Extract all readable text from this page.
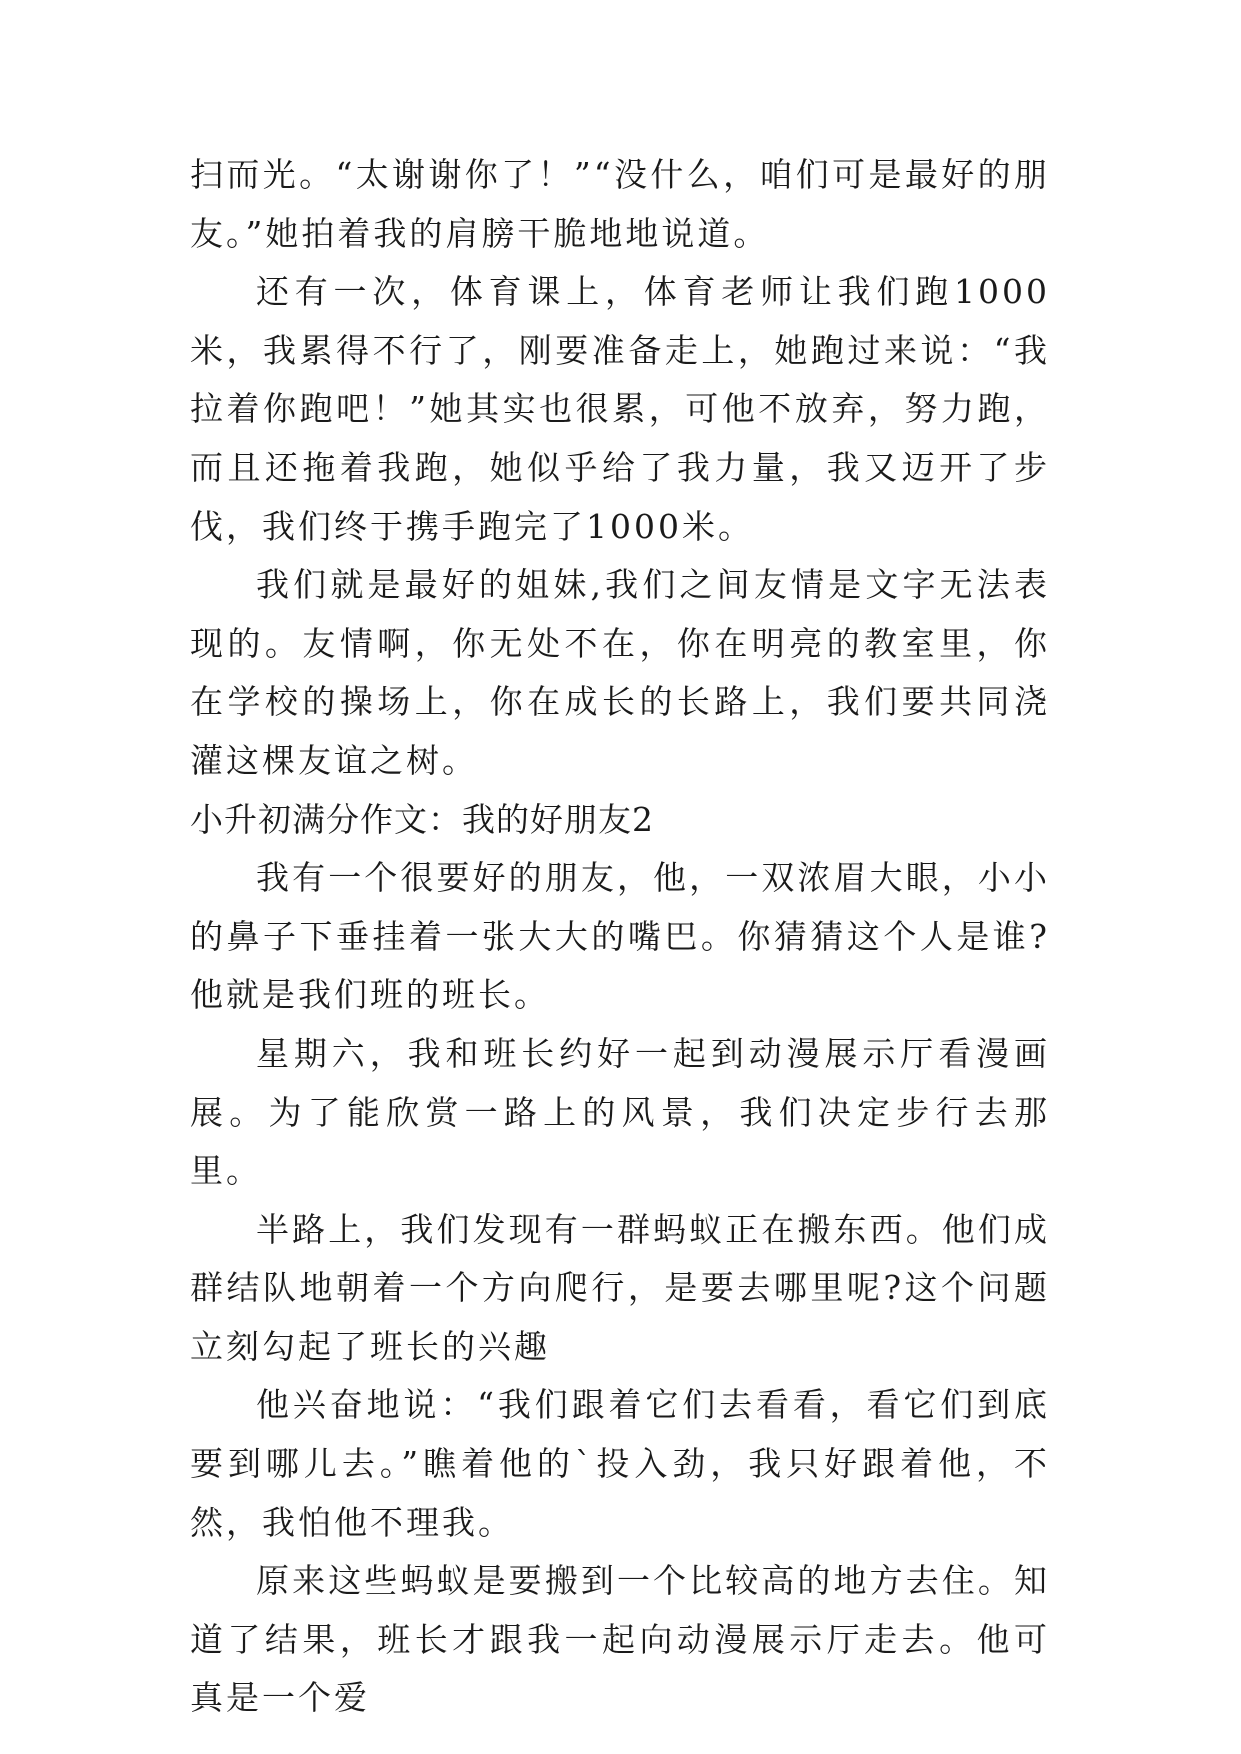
扫而光。“太谢谢你了！”“没什么，咱们可是最好的朋友。”她拍着我的肩膀干脆地地说道。

还有一次，体育课上，体育老师让我们跑1000米，我累得不行了，刚要准备走上，她跑过来说：“我拉着你跑吧！”她其实也很累，可他不放弃，努力跑，而且还拖着我跑，她似乎给了我力量，我又迈开了步伐，我们终于携手跑完了1000米。

我们就是最好的姐妹,我们之间友情是文字无法表现的。友情啊，你无处不在，你在明亮的教室里，你在学校的操场上，你在成长的长路上，我们要共同浇灌这棵友谊之树。

小升初满分作文：我的好朋友2

我有一个很要好的朋友，他，一双浓眉大眼，小小的鼻子下垂挂着一张大大的嘴巴。你猜猜这个人是谁?他就是我们班的班长。

星期六，我和班长约好一起到动漫展示厅看漫画展。为了能欣赏一路上的风景，我们决定步行去那里。

半路上，我们发现有一群蚂蚁正在搬东西。他们成群结队地朝着一个方向爬行，是要去哪里呢?这个问题立刻勾起了班长的兴趣

他兴奋地说：“我们跟着它们去看看，看它们到底要到哪儿去。”瞧着他的`投入劲，我只好跟着他，不然，我怕他不理我。

原来这些蚂蚁是要搬到一个比较高的地方去住。知道了结果，班长才跟我一起向动漫展示厅走去。他可真是一个爱
